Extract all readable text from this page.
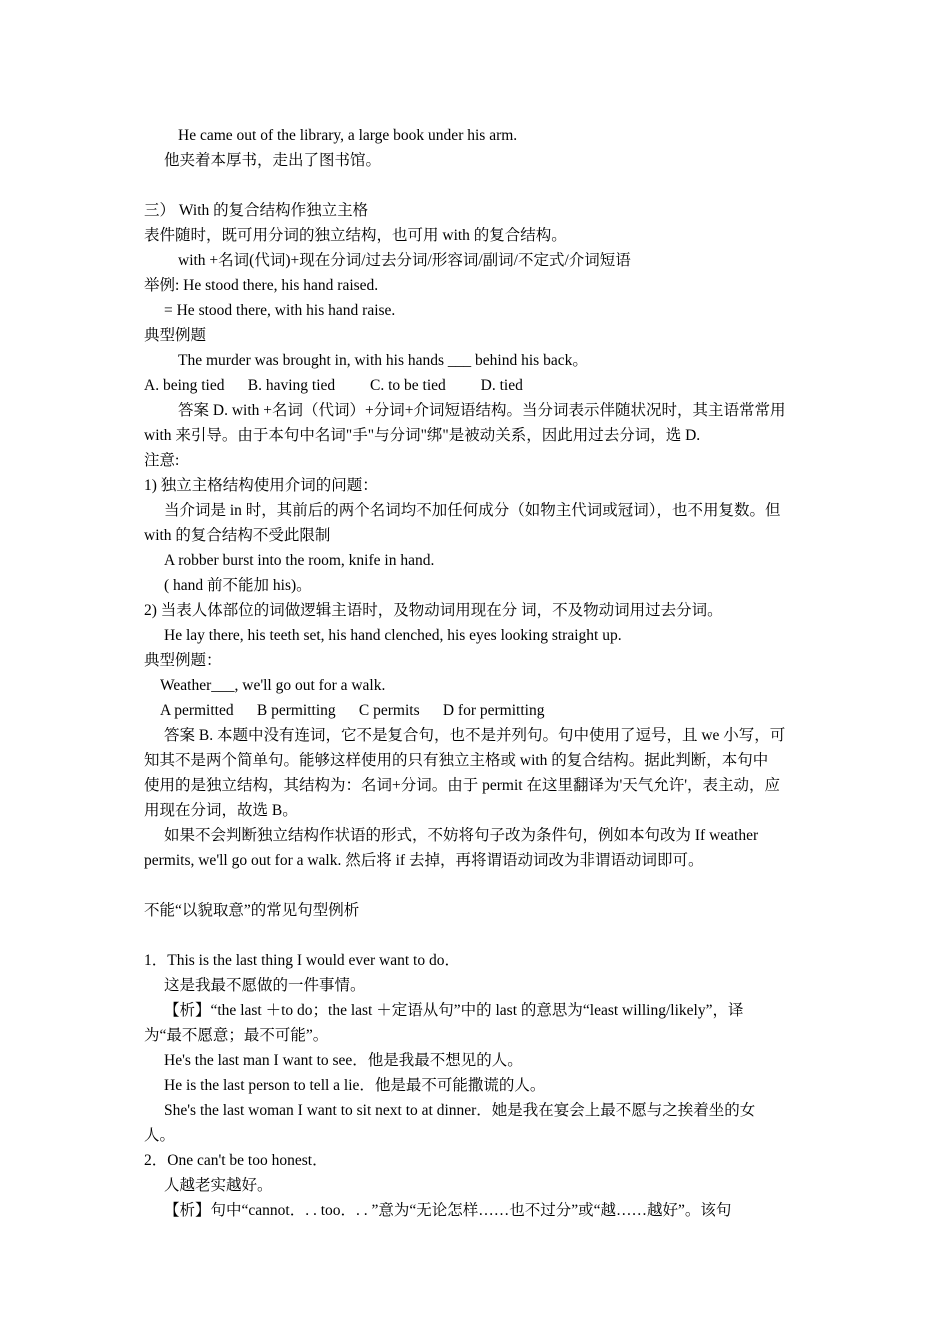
He came out of the library, a large book under his arm.
他夹着本厚书，走出了图书馆。
三） With 的复合结构作独立主格
表件随时，既可用分词的独立结构，也可用 with 的复合结构。
with +名词(代词)+现在分词/过去分词/形容词/副词/不定式/介词短语
举例: He stood there, his hand raised.
= He stood there, with his hand raise.
典型例题
The murder was brought in, with his hands ___ behind his back。
A. being tied      B. having tied         C. to be tied         D. tied
答案 D. with +名词（代词）+分词+介词短语结构。当分词表示伴随状况时，其主语常常用
with 来引导。由于本句中名词"手"与分词"绑"是被动关系，因此用过去分词，选 D.
注意:
1) 独立主格结构使用介词的问题：
当介词是 in 时，其前后的两个名词均不加任何成分（如物主代词或冠词），也不用复数。但
with 的复合结构不受此限制
A robber burst into the room, knife in hand.
( hand 前不能加 his)。
2) 当表人体部位的词做逻辑主语时，及物动词用现在分 词，不及物动词用过去分词。
He lay there, his teeth set, his hand clenched, his eyes looking straight up.
典型例题：
Weather___, we'll go out for a walk.
A permitted      B permitting      C permits      D for permitting
答案 B. 本题中没有连词，它不是复合句，也不是并列句。句中使用了逗号，且 we 小写，可
知其不是两个简单句。能够这样使用的只有独立主格或 with 的复合结构。据此判断，本句中
使用的是独立结构，其结构为：名词+分词。由于 permit 在这里翻译为'天气允许'，表主动，应
用现在分词，故选 B。
如果不会判断独立结构作状语的形式，不妨将句子改为条件句，例如本句改为 If weather
permits, we'll go out for a walk. 然后将 if 去掉，再将谓语动词改为非谓语动词即可。
不能“以貌取意”的常见句型例析
1．This is the last thing I would ever want to do．
这是我最不愿做的一件事情。
【析】“the last ＋to do；the last ＋定语从句”中的 last 的意思为“least willing/likely”，译
为“最不愿意；最不可能”。
He's the last man I want to see．他是我最不想见的人。
He is the last person to tell a lie．他是最不可能撒谎的人。
She's the last woman I want to sit next to at dinner．她是我在宴会上最不愿与之挨着坐的女
人。
2．One can't be too honest．
人越老实越好。
【析】句中“cannot．. . too．. . ”意为“无论怎样……也不过分”或“越……越好”。该句
